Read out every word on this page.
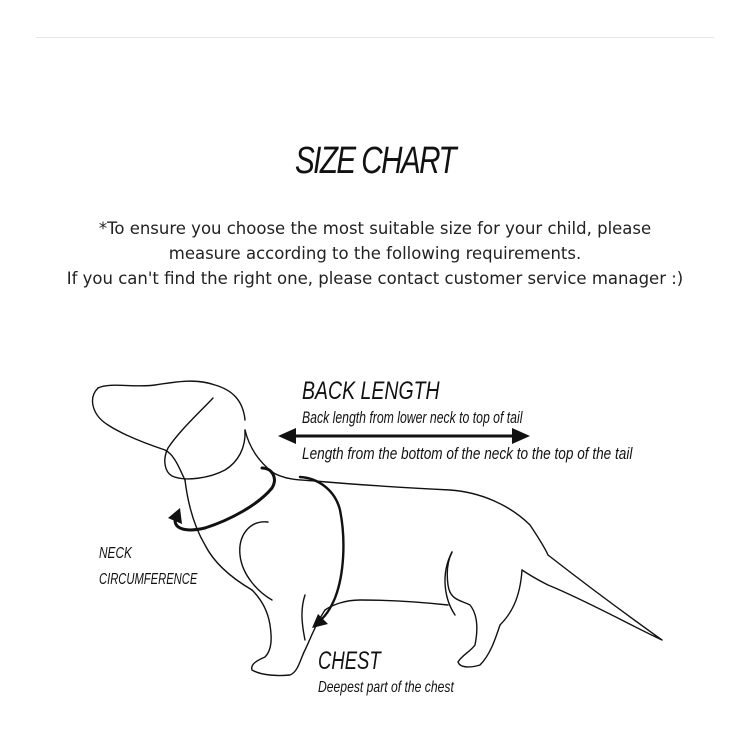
SIZE CHART
*To ensure you choose the most suitable size for your child, please
measure according to the following requirements.
If you can't find the right one, please contact customer service manager :)
BACK LENGTH
Back length from lower neck to top of tail
Length from the bottom of the neck to the top of the tail
NECK
CIRCUMFERENCE
CHEST
Deepest part of the chest
